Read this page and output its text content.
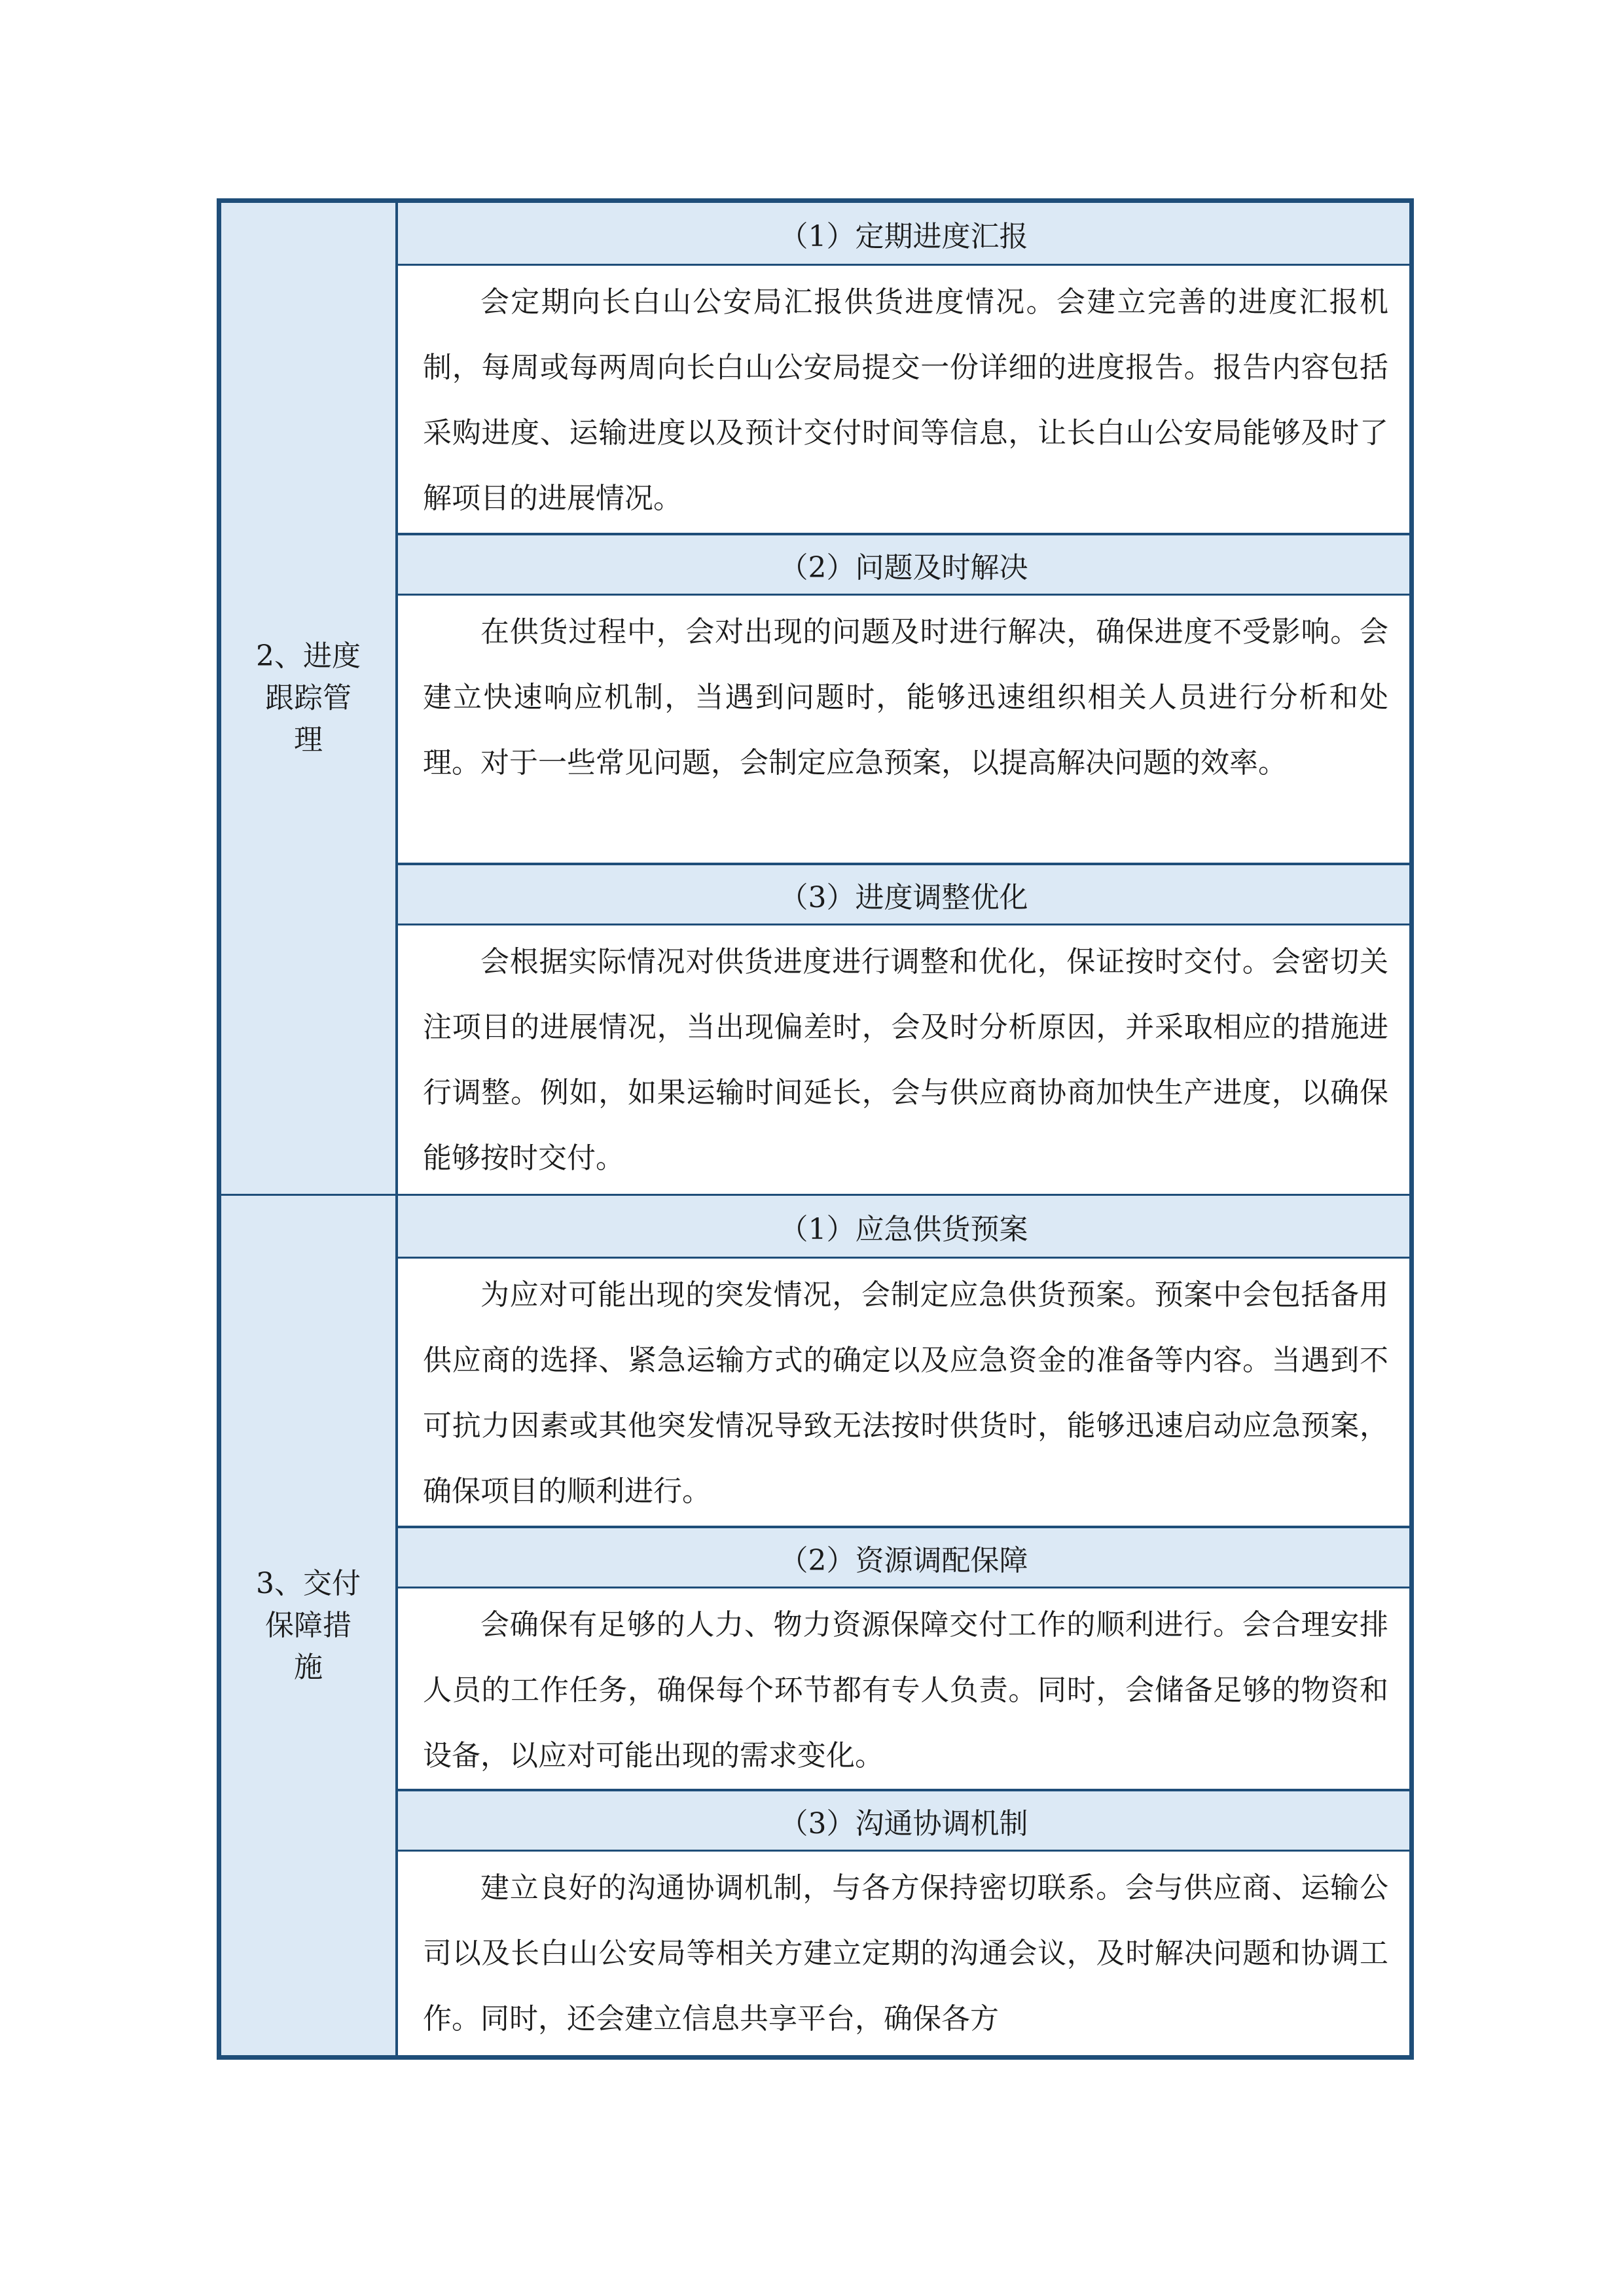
2、进度跟踪管理
（1）定期进度汇报
会定期向长白山公安局汇报供货进度情况。会建立完善的进度汇报机制，每周或每两周向长白山公安局提交一份详细的进度报告。报告内容包括采购进度、运输进度以及预计交付时间等信息，让长白山公安局能够及时了解项目的进展情况。
（2）问题及时解决
在供货过程中，会对出现的问题及时进行解决，确保进度不受影响。会建立快速响应机制，当遇到问题时，能够迅速组织相关人员进行分析和处理。对于一些常见问题，会制定应急预案，以提高解决问题的效率。
（3）进度调整优化
会根据实际情况对供货进度进行调整和优化，保证按时交付。会密切关注项目的进展情况，当出现偏差时，会及时分析原因，并采取相应的措施进行调整。例如，如果运输时间延长，会与供应商协商加快生产进度，以确保能够按时交付。
3、交付保障措施
（1）应急供货预案
为应对可能出现的突发情况，会制定应急供货预案。预案中会包括备用供应商的选择、紧急运输方式的确定以及应急资金的准备等内容。当遇到不可抗力因素或其他突发情况导致无法按时供货时，能够迅速启动应急预案，确保项目的顺利进行。
（2）资源调配保障
会确保有足够的人力、物力资源保障交付工作的顺利进行。会合理安排人员的工作任务，确保每个环节都有专人负责。同时，会储备足够的物资和设备，以应对可能出现的需求变化。
（3）沟通协调机制
建立良好的沟通协调机制，与各方保持密切联系。会与供应商、运输公司以及长白山公安局等相关方建立定期的沟通会议，及时解决问题和协调工作。同时，还会建立信息共享平台，确保各方
